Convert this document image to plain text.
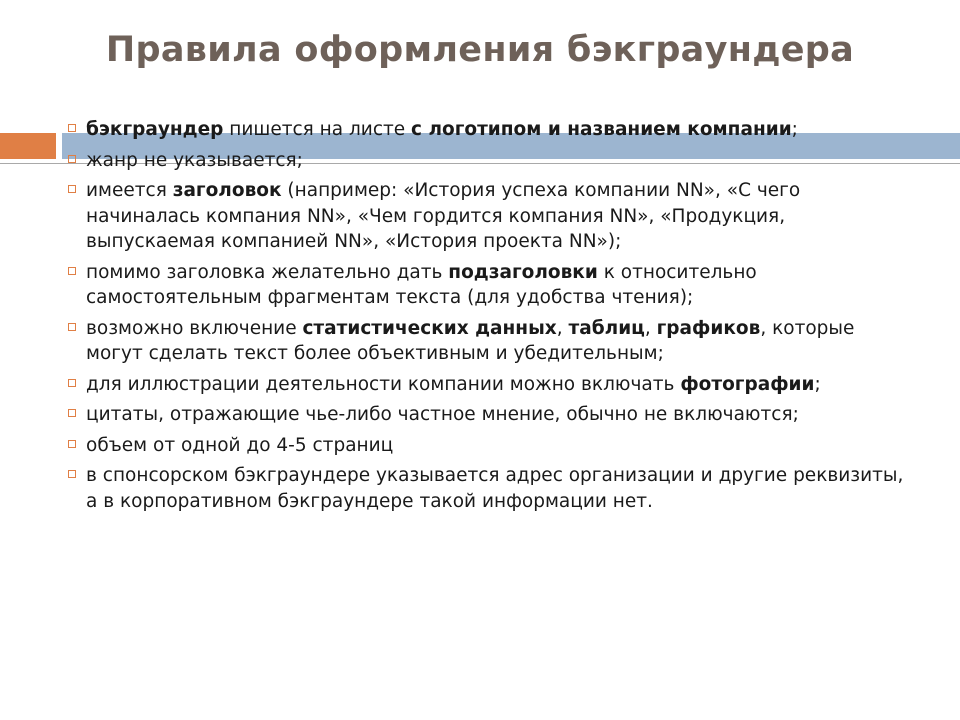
Правила оформления бэкграундера
бэкграундер пишется на листе с логотипом и названием компании;
жанр не указывается;
имеется заголовок (например: «История успеха компании NN», «С чего начиналась компания NN», «Чем гордится компания NN», «Продукция, выпускаемая компанией NN», «История проекта NN»);
помимо заголовка желательно дать подзаголовки к относительно самостоятельным фрагментам текста (для удобства чтения);
возможно включение статистических данных, таблиц, графиков, которые могут сделать текст более объективным и убедительным;
для иллюстрации деятельности компании можно включать фотографии;
цитаты, отражающие чье-либо частное мнение, обычно не включаются;
объем от одной до 4-5 страниц
в спонсорском бэкграундере указывается адрес организации и другие реквизиты, а в корпоративном бэкграундере такой информации нет.
